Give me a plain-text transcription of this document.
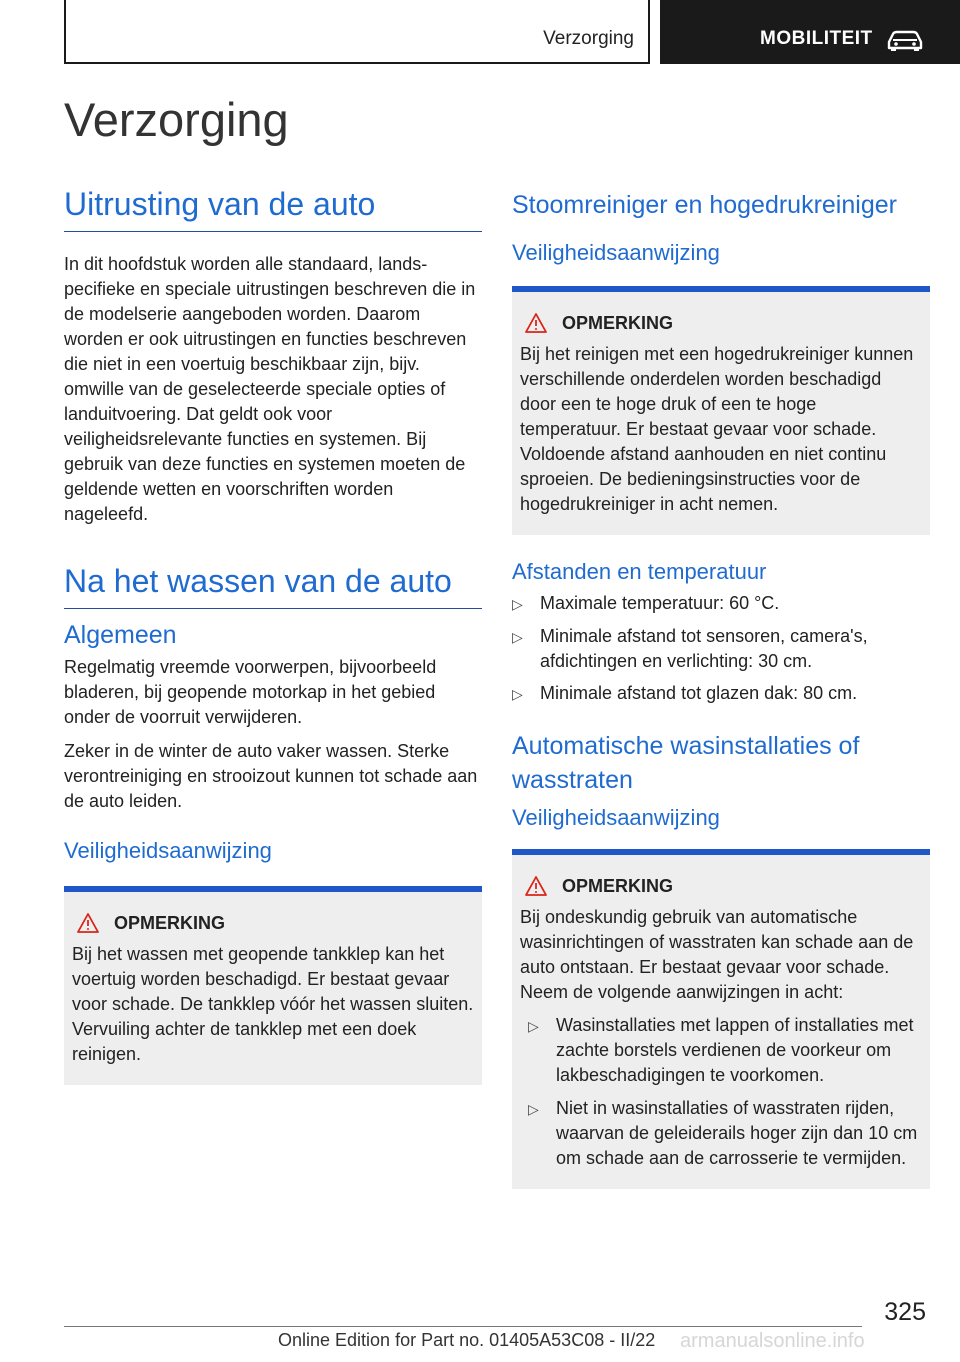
Verzorging	MOBILITEIT
Verzorging
Uitrusting van de auto

In dit hoofdstuk worden alle standaard, landspecifieke en speciale uitrustingen beschreven die in de modelserie aangeboden worden. Daarom worden er ook uitrustingen en functies beschreven die niet in een voertuig beschikbaar zijn, bijv. omwille van de geselecteerde speciale opties of landuitvoering. Dat geldt ook voor veiligheidsrelevante functies en systemen. Bij gebruik van deze functies en systemen moeten de geldende wetten en voorschriften worden nageleefd.

Na het wassen van de auto
Algemeen

Regelmatig vreemde voorwerpen, bijvoorbeeld bladeren, bij geopende motorkap in het gebied onder de voorruit verwijderen.

Zeker in de winter de auto vaker wassen. Sterke verontreiniging en strooizout kunnen tot schade aan de auto leiden.

Veiligheidsaanwijzing
OPMERKING

Bij het wassen met geopende tankklep kan het voertuig worden beschadigd. Er bestaat gevaar voor schade. De tankklep vóór het wassen sluiten. Vervuiling achter de tankklep met een doek reinigen.

Stoomreiniger en hogedrukreiniger
Veiligheidsaanwijzing
OPMERKING

Bij het reinigen met een hogedrukreiniger kunnen verschillende onderdelen worden beschadigd door een te hoge druk of een te hoge temperatuur. Er bestaat gevaar voor schade. Voldoende afstand aanhouden en niet continu sproeien. De bedieningsinstructies voor de hogedrukreiniger in acht nemen.

Afstanden en temperatuur
▷ Maximale temperatuur: 60 °C.
▷ Minimale afstand tot sensoren, camera's, afdichtingen en verlichting: 30 cm.
▷ Minimale afstand tot glazen dak: 80 cm.
Automatische wasinstallaties of wasstraten
Veiligheidsaanwijzing
OPMERKING

Bij ondeskundig gebruik van automatische wasinrichtingen of wasstraten kan schade aan de auto ontstaan. Er bestaat gevaar voor schade. Neem de volgende aanwijzingen in acht:

▷ Wasinstallaties met lappen of installaties met zachte borstels verdienen de voorkeur om lakbeschadigingen te voorkomen.
▷ Niet in wasinstallaties of wasstraten rijden, waarvan de geleiderails hoger zijn dan 10 cm om schade aan de carrosserie te vermijden.
325
Online Edition for Part no. 01405A53C08 - II/22 armanualsonline.info
